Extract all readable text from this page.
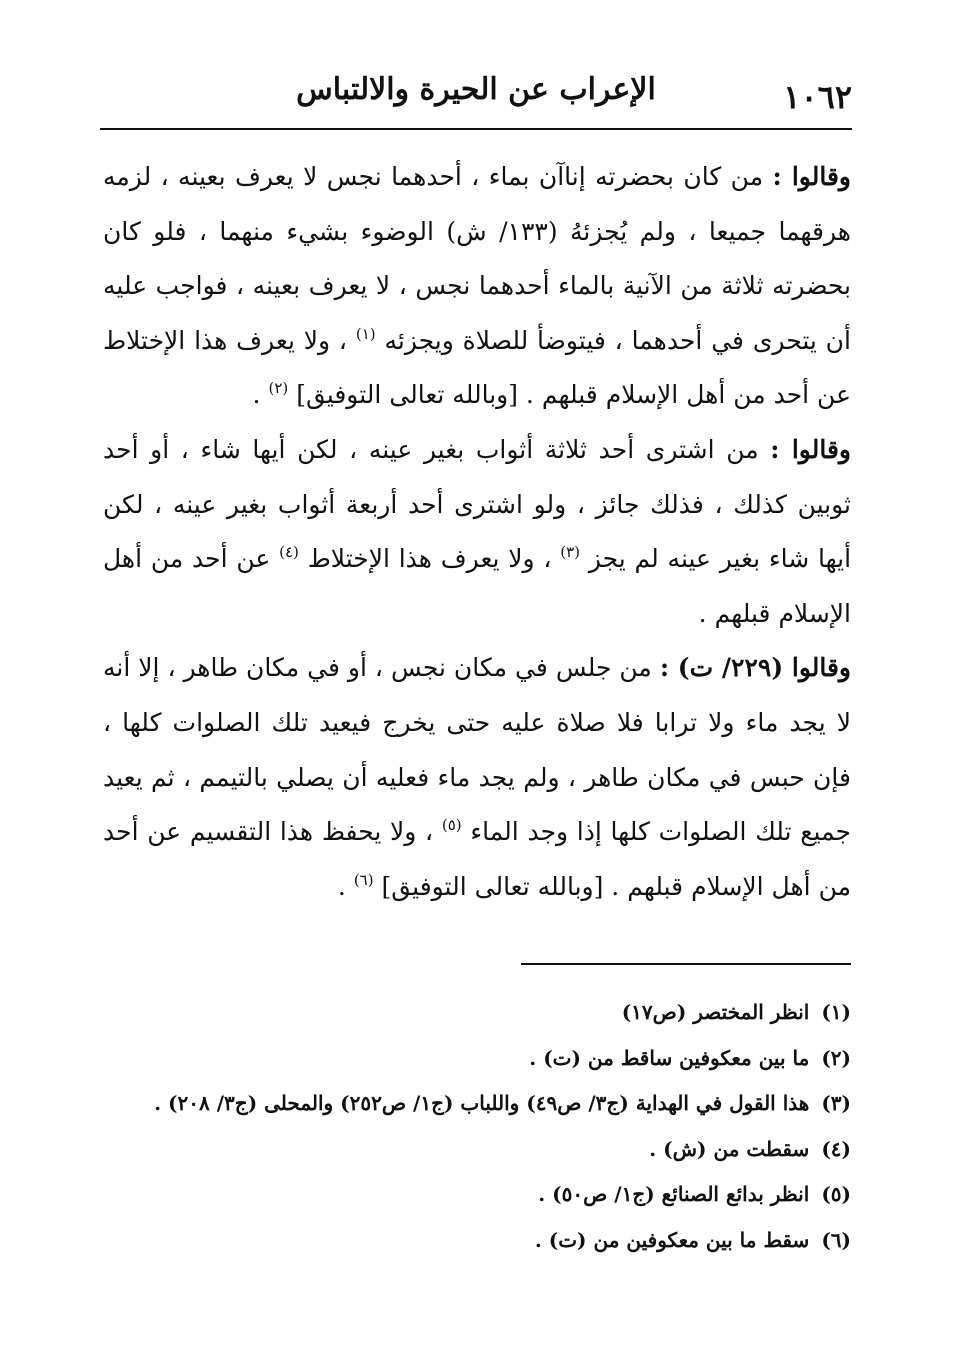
١٠٦٢
الإعراب عن الحيرة والالتباس

وقالوا : من كان بحضرته إناآن بماء ، أحدهما نجس لا يعرف بعينه ، لزمه هرقهما جميعا ، ولم يُجزئهُ (١٣٣/ ش) الوضوء بشيء منهما ، فلو كان بحضرته ثلاثة من الآنية بالماء أحدهما نجس ، لا يعرف بعينه ، فواجب عليه أن يتحرى في أحدهما ، فيتوضأ للصلاة ويجزئه $^{(١)}$ ، ولا يعرف هذا الإختلاط عن أحد من أهل الإسلام قبلهم . [وبالله تعالى التوفيق] $^{(٢)}$ .

وقالوا : من اشترى أحد ثلاثة أثواب بغير عينه ، لكن أيها شاء ، أو أحد ثوبين كذلك ، فذلك جائز ، ولو اشترى أحد أربعة أثواب بغير عينه ، لكن أيها شاء بغير عينه لم يجز $^{(٣)}$ ، ولا يعرف هذا الإختلاط $^{(٤)}$ عن أحد من أهل الإسلام قبلهم .

وقالوا (٢٢٩/ ت) : من جلس في مكان نجس ، أو في مكان طاهر ، إلا أنه لا يجد ماء ولا ترابا فلا صلاة عليه حتى يخرج فيعيد تلك الصلوات كلها ، فإن حبس في مكان طاهر ، ولم يجد ماء فعليه أن يصلي بالتيمم ، ثم يعيد جميع تلك الصلوات كلها إذا وجد الماء $^{(٥)}$ ، ولا يحفظ هذا التقسيم عن أحد من أهل الإسلام قبلهم . [وبالله تعالى التوفيق] $^{(٦)}$ .

(١)
انظر المختصر (ص١٧)
(٢)
ما بين معكوفين ساقط من (ت) .
(٣)
هذا القول في الهداية (ج٣/ ص٤٩) واللباب (ج١/ ص٢٥٢) والمحلى (ج٣/ ٢٠٨) .
(٤)
سقطت من (ش) .
(٥)
انظر بدائع الصنائع (ج١/ ص٥٠) .
(٦)
سقط ما بين معكوفين من (ت) .
